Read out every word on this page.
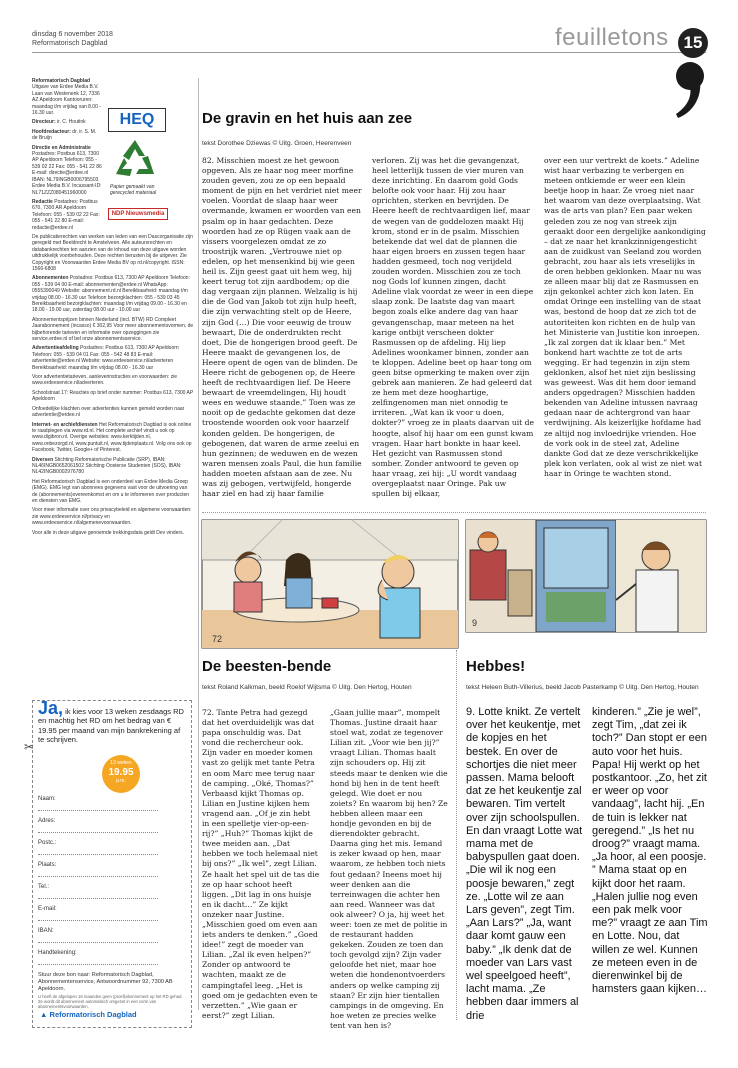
dinsdag 6 november 2018
Reformatorisch Dagblad	feuilletons 15

Reformatorisch Dagblad Uitgave van Erdee Media B.V. Laan van Westenenk 12, 7336 AZ Apeldoorn Kantooruren: maandag t/m vrijdag van 8.00 - 16.30 uur.

Directeur: ir. C. Houtink

Hoofdredacteur: dr. ir. S. M. de Bruijn

Directie en Administratie Postadres: Postbus 613, 7300 AP Apeldoorn Telefoon: 055 - 539 02 22 Fax: 055 - 541 22 86 E-mail: directie@erdee.nl IBAN: NL79INGB0006795503 Erdee Media B.V. Incassant-ID: NL71ZZZ080451960000

Redactie Postadres: Postbus 670, 7300 AR Apeldoorn Telefoon: 055 - 539 02 22 Fax: 055 - 541 22 80 E-mail: redactie@erdee.nl

De publicatierechten van werken van leden van een Dascorganisatie zijn geregeld met Beeldrecht te Amstelveen. Alle auteursrechten en databankrechten ten aanzien van de inhoud van deze uitgave worden uitdrukkelijk voorbehouden. Deze rechten berusten bij de uitgever. Zie Copyright en Voorwaarden Erdee Media BV op rd.nl/copyright. ISSN: 1566-6808

Abonnementen Postadres: Postbus 613, 7300 AP Apeldoorn Telefoon: 055 - 539 04 00 E-mail: abonnementen@erdee.nl WhatsApp: 0555390049 Website: abonnement.rd.nl Bereikbaarheid: maandag t/m vrijdag 08.00 - 16.30 uur Telefoon bezorgklachten: 055 - 539 03 45 Bereikbaarheid bezorgklachten: maandag t/m vrijdag 09.00 - 16.30 en 18.00 - 19.00 uur, zaterdag 08.00 uur - 10.00 uur

Abonnementsprijzen binnen Nederland (incl. BTW) RD Compleet Jaarabonnement (incasso) € 302,95 Voor meer abonnementsvormen, de bijbehorende tarieven en informatie over opzeggingen zie service.erdee.nl of bel onze abonnementsservice.

Advertentieafdeling Postadres: Postbus 613, 7300 AP Apeldoorn Telefoon: 055 - 539 04 01 Fax: 055 - 542 48 83 E-mail: advertentie@erdee.nl Website: www.erdeeservice.nl/adverteren Bereikbaarheid: maandag t/m vrijdag 08.00 - 16.30 uur

Voor advertentietarieven, aanleverinstructies en voorwaarden: zie www.erdeeservice.nl/adverteren.

Schoolstraat 17: Reacties op brief onder nummer: Postbus 613, 7300 AP Apeldoorn

Onfoedelijke klachten over advertenties kunnen gemeld worden naar advertentie@erdee.nl

Internet- en archiefdiensten Het Reformatorisch Dagblad is ook online te raadplegen via www.rd.nl. Het complete archief vindt u ook op www.digibron.nl. Overige websites: www.kerktijden.nl, www.onbezorgd.nl, www.puntuit.nl, www.tijdenplaats.nl. Volg ons ook op Facebook, Twitter, Google+ of Pinterest.

Diversen Stichting Reformatorische Publicatie (SRP), IBAN: NL46INGB0652061502 Stichting Oosterse Studenten (SOS), IBAN: NL42INGB0002976780

Het Reformatorisch Dagblad is een onderdeel van Erdee Media Groep (EMG). EMG legt van abonnees gegevens vast voor de uitvoering van de (abonnements)overeenkomst en om u te informeren over producten en diensten van EMG.

Voor meer informatie over ons privacybeleid en algemene voorwaarden: zie www.erdeeservice.nl/privacy en www.erdeeservice.nl/algemenevoorwaarden.

Voor alle in deze uitgave genoemde trekkingsdata geldt Dev vinders.

HEQ
Papier gemaakt van gerecycled materiaal
NDP Nieuwsmedia
De gravin en het huis aan zee
tekst Dorothee Dziewas © Uitg. Groen, Heerenveen
82. Misschien moest ze het gewoon opgeven. Als ze haar nog meer morfine zouden geven, zou ze op een bepaald moment de pijn en het verdriet niet meer voelen. Voordat de slaap haar weer overmande, kwamen er woorden van een psalm op in haar gedachten. Deze woorden had ze op Rügen vaak aan de vissers voorgelezen omdat ze zo troostrijk waren. „Vertrouwe niet op edelen, op het mensenkind bij wie geen heil is. Zijn geest gaat uit hem weg, hij keert terug tot zijn aardbodem; op die dag vergaan zijn plannen. Welzalig is hij die de God van Jakob tot zijn hulp heeft, die zijn verwachting stelt op de Heere, zijn God (…) Die voor eeuwig de trouw bewaart, Die de onderdrukten recht doet, Die de hongerigen brood geeft. De Heere maakt de gevangenen los, de Heere opent de ogen van de blinden. De Heere richt de gebogenen op, de Heere heeft de rechtvaardigen lief. De Heere bewaart de vreemdelingen, Hij houdt wees en weduwe staande.” Toen was ze nooit op de gedachte gekomen dat deze troostende woorden ook voor haarzelf konden gelden. De hongerigen, de gebogenen, dat waren de arme zeelui en hun gezinnen; de weduwen en de wezen waren mensen zoals Paul, die hun familie hadden moeten afstaan aan de zee. Nu was zij gebogen, vertwijfeld, hongerde haar ziel en had zij haar familie
verloren. Zij was het die gevangenzat, heel letterlijk tussen de vier muren van deze inrichting. En daarom gold Gods belofte ook voor haar. Hij zou haar oprichten, sterken en bevrijden. De Heere heeft de rechtvaardigen lief, maar de wegen van de goddelozen maakt Hij krom, stond er in de psalm. Misschien betekende dat wel dat de plannen die haar eigen broers en zussen tegen haar hadden gesmeed, toch nog verijdeld zouden worden. Misschien zou ze toch nog Gods lof kunnen zingen, dacht Adeline vlak voordat ze weer in een diepe slaap zonk. De laatste dag van maart begon zoals elke andere dag van haar gevangenschap, maar meteen na het karige ontbijt verscheen dokter Rasmussen op de afdeling. Hij liep Adelines woonkamer binnen, zonder aan te kloppen. Adeline beet op haar tong om geen bitse opmerking te maken over zijn gebrek aan manieren. Ze had geleerd dat ze hem met deze hooghartige, zelfingenomen man niet onnodig te irriteren. „Wat kan ik voor u doen, dokter?” vroeg ze in plaats daarvan uit de hoogte, alsof hij haar om een gunst kwam vragen. Haar hart bonkte in haar keel. Het gezicht van Rasmussen stond somber. Zonder antwoord te geven op haar vraag, zei hij: „U wordt vandaag overgeplaatst naar Oringe. Pak uw spullen bij elkaar,
over een uur vertrekt de koets.” Adeline wist haar verbazing te verbergen en meteen ontkiemde er weer een klein beetje hoop in haar. Ze vroeg niet naar het waarom van deze overplaatsing. Wat was de arts van plan? Een paar weken geleden zou ze nog van streek zijn geraakt door een dergelijke aankondiging – dat ze naar het krankzinnigengesticht aan de zuidkust van Seeland zou worden gebracht, zou haar als iets vreselijks in de oren hebben geklonken. Maar nu was ze alleen maar blij dat ze Rasmussen en zijn gekonkel achter zich kon laten. En omdat Oringe een instelling van de staat was, bestond de hoop dat ze zich tot de autoriteiten kon richten en de hulp van het Ministerie van Justitie kon inroepen. „Ik zal zorgen dat ik klaar ben.” Met bonkend hart wachtte ze tot de arts wegging. Er had tegenzin in zijn stem geklonken, alsof het niet zijn beslissing was geweest. Was dit hem door iemand anders opgedragen? Misschien hadden bekenden van Adeline intussen navraag gedaan naar de achtergrond van haar verdwijning. Als keizerlijke hofdame had ze altijd nog invloedrijke vrienden. Hoe de vork ook in de steel zat, Adeline dankte God dat ze deze verschrikkelijke plek kon verlaten, ook al wist ze niet wat haar in Oringe te wachten stond.
72
9
De beesten-bende
tekst Roland Kalkman, beeld Roelof Wijtsma © Uitg. Den Hertog, Houten
72. Tante Petra had gezegd dat het overduidelijk was dat papa onschuldig was. Dat vond die rechercheur ook. Zijn vader en moeder komen vast zo gelijk met tante Petra en oom Marc mee terug naar de camping. „Oké, Thomas?” Verbaasd kijkt Thomas op. Lilian en Justine kijken hem vragend aan. „Of je zin hebt in een spelletje vier-op-een-rij?” „Huh?” Thomas kijkt de twee meiden aan. „Dat hebben we toch helemaal niet bij ons?” „Ik wel”, zegt Lilian. Ze haalt het spel uit de tas die ze op haar schoot heeft liggen. „Dit lag in ons huisje en ik dacht…” Ze kijkt onzeker naar Justine. „Misschien goed om even aan iets anders te denken.” „Goed idee!” zegt de moeder van Lilian. „Zal ik even helpen?” Zonder op antwoord te wachten, maakt ze de campingtafel leeg. „Het is goed om je gedachten even te verzetten.” „Wie gaan er eerst?” zegt Lilian.
„Gaan jullie maar”, mompelt Thomas. Justine draait haar stoel wat, zodat ze tegenover Lilian zit. „Voor wie ben jij?” vraagt Lilian. Thomas haalt zijn schouders op. Hij zit steeds maar te denken wie die hond bij hen in de tent heeft gelegd. Wie doet er nou zoiets? En waarom bij hen? Ze hebben alleen maar een hondje gevonden en bij de dierendokter gebracht. Daarna ging het mis. Iemand is zeker kwaad op hen, maar waarom, ze hebben toch niets fout gedaan? Ineens moet hij weer denken aan die terreinwagen die achter hen aan reed. Wanneer was dat ook alweer? O ja, hij weet het weer: toen ze met de politie in de restaurant hadden gekeken. Zouden ze toen dan toch gevolgd zijn? Zijn vader geloofde het niet, maar hoe weten die hondenontvoerders anders op welke camping zij staan? Er zijn hier tientallen campings in de omgeving. En hoe weten ze precies welke tent van hen is?
Hebbes!
tekst Heleen Buth-Villerius, beeld Jacob Pasterkamp © Uitg. Den Hertog, Houten
9. Lotte knikt. Ze vertelt over het keukentje, met de kopjes en het bestek. En over de schortjes die niet meer passen. Mama belooft dat ze het keukentje zal bewaren. Tim vertelt over zijn schoolspullen. En dan vraagt Lotte wat mama met de babyspullen gaat doen. „Die wil ik nog een poosje bewaren,” zegt ze. „Lotte wil ze aan Lars geven”, zegt Tim. „Aan Lars?” „Ja, want daar komt gauw een baby.” „Ik denk dat de moeder van Lars vast wel speelgoed heeft”, lacht mama. „Ze hebben daar immers al drie
kinderen.” „Zie je wel”, zegt Tim, „dat zei ik toch?” Dan stopt er een auto voor het huis. Papa! Hij werkt op het postkantoor. „Zo, het zit er weer op voor vandaag”, lacht hij. „En de tuin is lekker nat geregend.” „Is het nu droog?” vraagt mama. „Ja hoor, al een poosje. ” Mama staat op en kijkt door het raam. „Halen jullie nog even een pak melk voor me?” vraagt ze aan Tim en Lotte. Nou, dat willen ze wel. Kunnen ze meteen even in de dierenwinkel bij de hamsters gaan kijken…
✂
Ja, ik kies voor 13 weken zesdaags RD en machtig het RD om het bedrag van € 19.95 per maand van mijn bankrekening af te schrijven.
13 weken
19.95
p.m.
Naam:
Adres:
Postc.:
Plaats:
Tel.:
E-mail:
IBAN:
Handtekening:
Stuur deze bon naar: Reformatorisch Dagblad, Abonnementenservice, Antwoordnummer 92, 7300 AB Apeldoorn.
U heeft de afgelopen 18 maanden geen (proef)abonnement op het RD gehad. Ze wordt dit abonnement automatisch omgezet in een vorm van abonnementsvoorwaarden.
▲ Reformatorisch Dagblad
